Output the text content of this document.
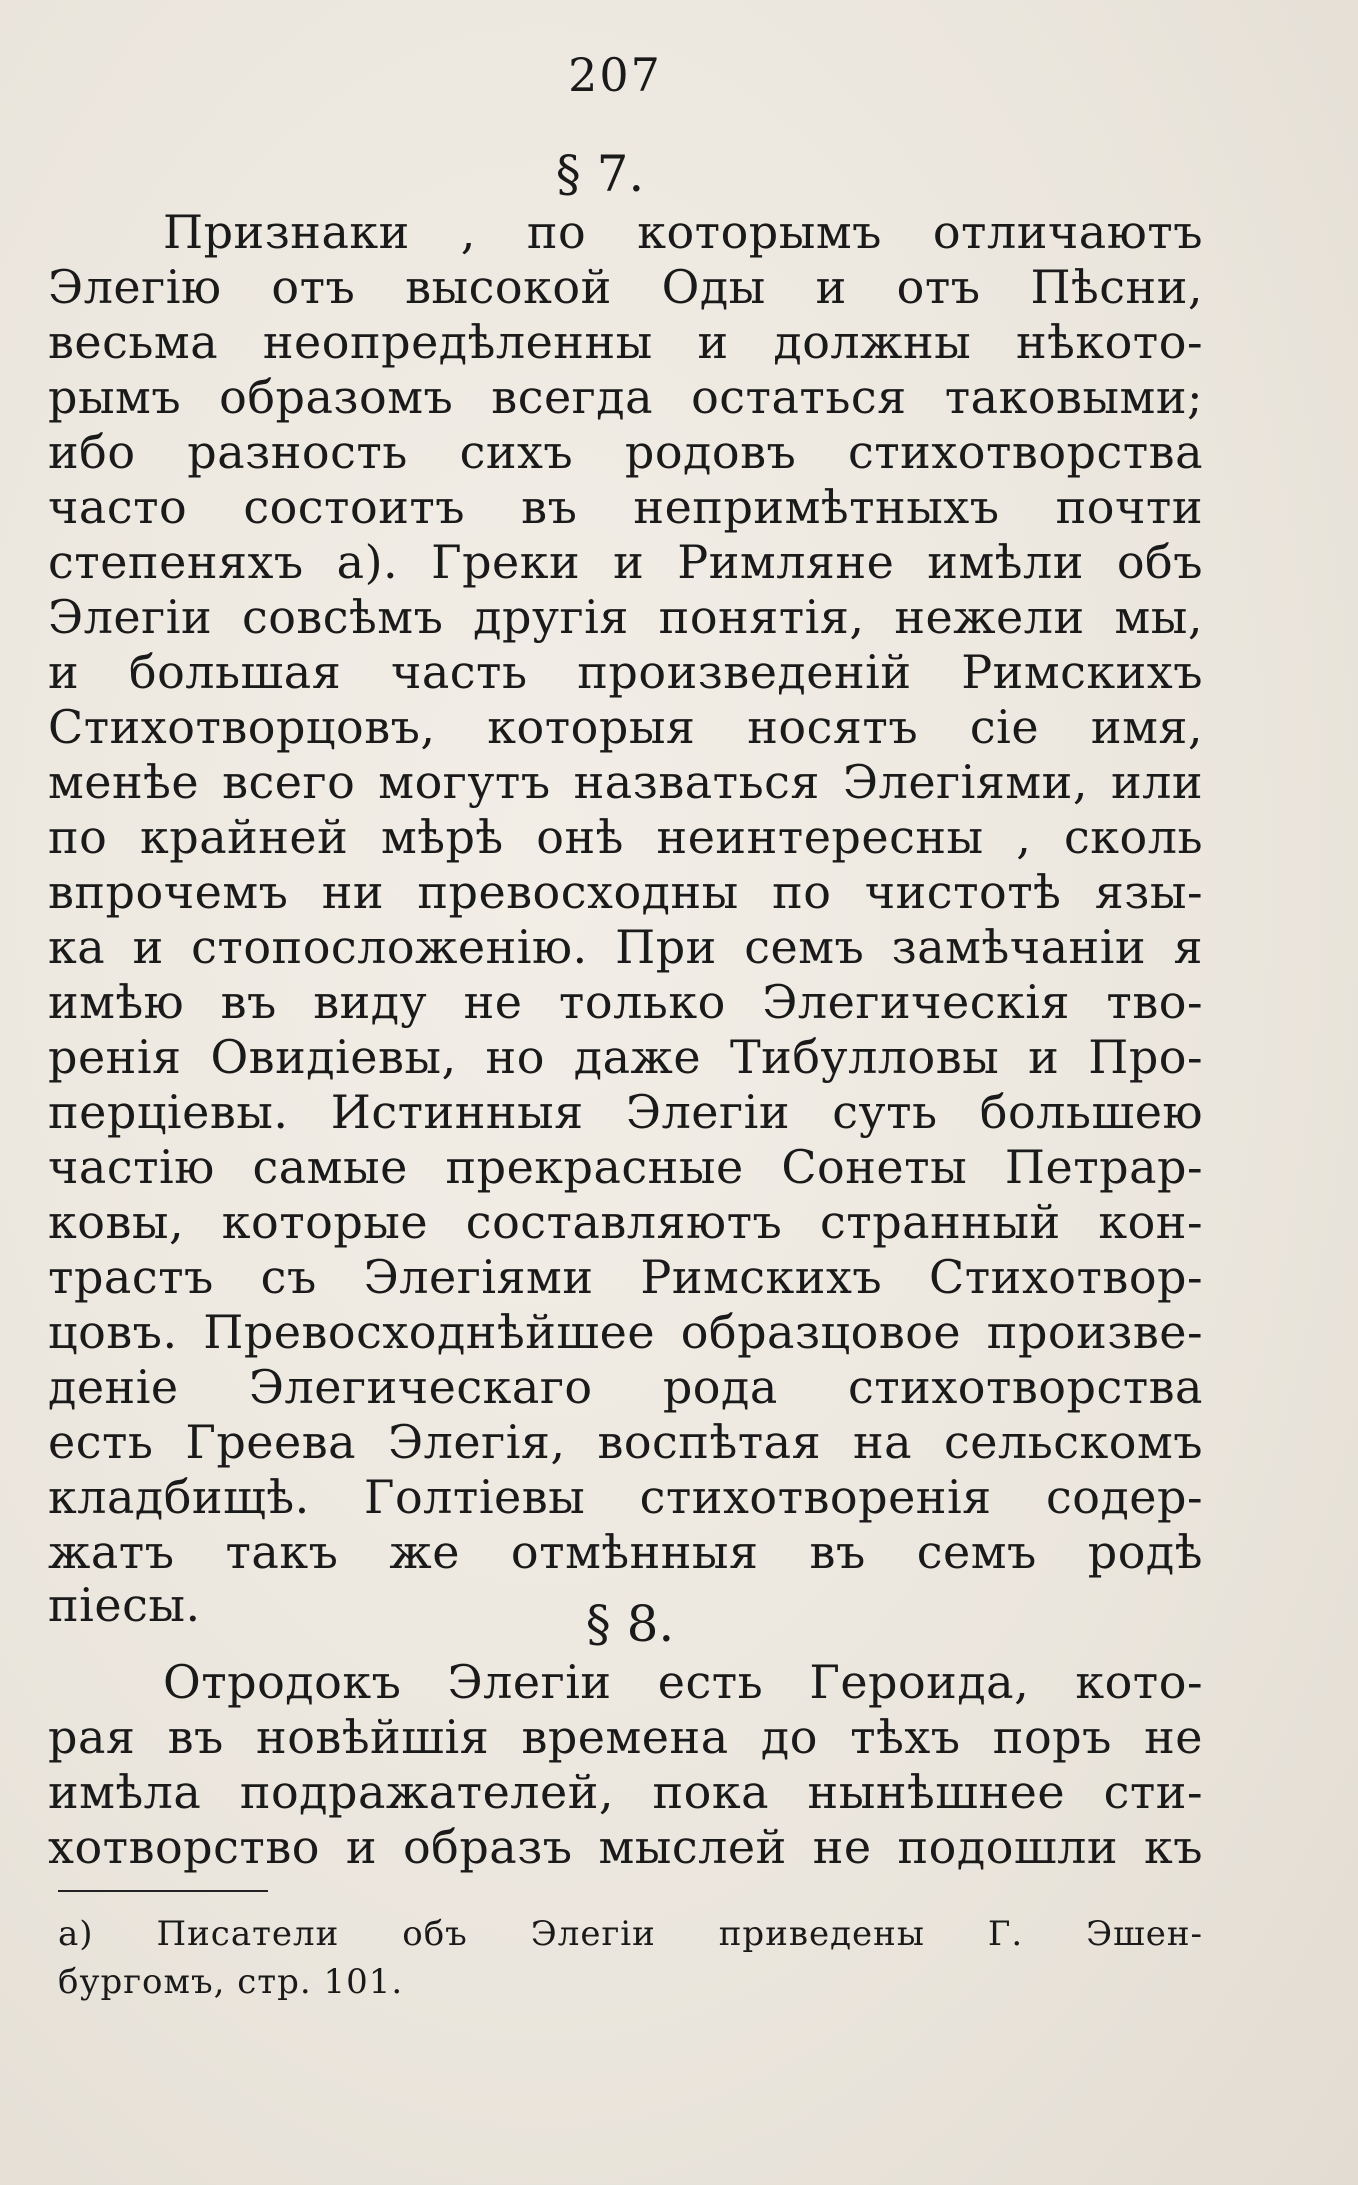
207
§ 7.
Признаки , по которымъ отличаютъ
Элегію отъ высокой Оды и отъ Пѣсни,
весьма неопредѣленны и должны нѣкото-
рымъ образомъ всегда остаться таковыми;
ибо разность сихъ родовъ стихотворства
часто состоитъ въ непримѣтныхъ почти
степеняхъ а). Греки и Римляне имѣли объ
Элегіи совсѣмъ другія понятія, нежели мы,
и большая часть произведеній Римскихъ
Стихотворцовъ, которыя носятъ сіе имя,
менѣе всего могутъ назваться Элегіями, или
по крайней мѣрѣ онѣ неинтересны , сколь
впрочемъ ни превосходны по чистотѣ язы-
ка и стопосложенію. При семъ замѣчаніи я
имѣю въ виду не только Элегическія тво-
ренія Овидіевы, но даже Тибулловы и Про-
перціевы. Истинныя Элегіи суть большею
частію самые прекрасные Сонеты Петрар-
ковы, которые составляютъ странный кон-
трастъ съ Элегіями Римскихъ Стихотвор-
цовъ. Превосходнѣйшее образцовое произве-
деніе Элегическаго рода стихотворства
есть Греева Элегія, воспѣтая на сельскомъ
кладбищѣ. Голтіевы стихотворенія содер-
жатъ такъ же отмѣнныя въ семъ родѣ
піесы.	§ 8.
Отродокъ Элегіи есть Героида, кото-
рая въ новѣйшія времена до тѣхъ поръ не
имѣла подражателей, пока нынѣшнее сти-
хотворство и образъ мыслей не подошли къ
а) Писатели объ Элегіи приведены Г. Эшен-
бургомъ, стр. 101.
